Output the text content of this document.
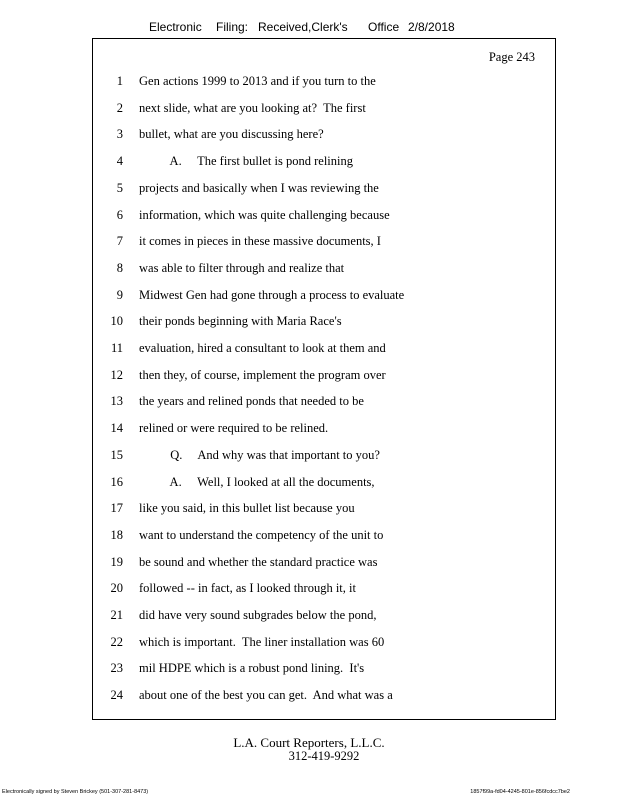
Electronic

Filing:

Received,Clerk's

Office

2/8/2018

Page 243
1 Gen actions 1999 to 2013 and if you turn to the
2 next slide, what are you looking at?  The first
3 bullet, what are you discussing here?
4 A.     The first bullet is pond relining
5 projects and basically when I was reviewing the
6 information, which was quite challenging because
7 it comes in pieces in these massive documents, I
8 was able to filter through and realize that
9 Midwest Gen had gone through a process to evaluate
10 their ponds beginning with Maria Race's
11 evaluation, hired a consultant to look at them and
12 then they, of course, implement the program over
13 the years and relined ponds that needed to be
14 relined or were required to be relined.
15 Q.     And why was that important to you?
16 A.     Well, I looked at all the documents,
17 like you said, in this bullet list because you
18 want to understand the competency of the unit to
19 be sound and whether the standard practice was
20 followed -- in fact, as I looked through it, it
21 did have very sound subgrades below the pond,
22 which is important.  The liner installation was 60
23 mil HDPE which is a robust pond lining.  It's
24 about one of the best you can get.  And what was a
L.A. Court Reporters, L.L.C.
312-419-9292
Electronically signed by Steven Brickey (501-307-281-8473)	1857f99a-fd04-4245-801e-856fcdcc7be2
